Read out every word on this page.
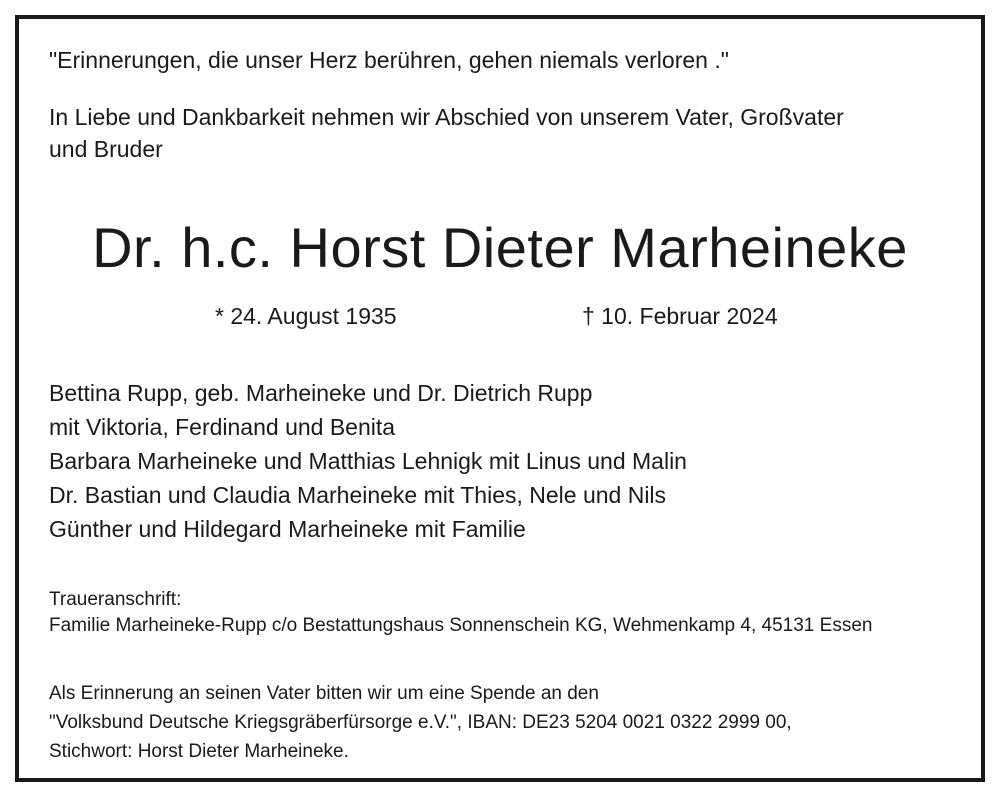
"Erinnerungen, die unser Herz berühren, gehen niemals verloren ."
In Liebe und Dankbarkeit nehmen wir Abschied von unserem Vater, Großvater
und Bruder
Dr. h.c. Horst Dieter Marheineke
* 24. August 1935	† 10. Februar 2024
Bettina Rupp, geb. Marheineke und Dr. Dietrich Rupp
mit Viktoria, Ferdinand und Benita
Barbara Marheineke und Matthias Lehnigk mit Linus und Malin
Dr. Bastian und Claudia Marheineke mit Thies, Nele und Nils
Günther und Hildegard Marheineke mit Familie
Traueranschrift:
Familie Marheineke-Rupp c/o Bestattungshaus Sonnenschein KG, Wehmenkamp 4, 45131 Essen
Als Erinnerung an seinen Vater bitten wir um eine Spende an den
"Volksbund Deutsche Kriegsgräberfürsorge e.V.", IBAN: DE23 5204 0021 0322 2999 00,
Stichwort: Horst Dieter Marheineke.
